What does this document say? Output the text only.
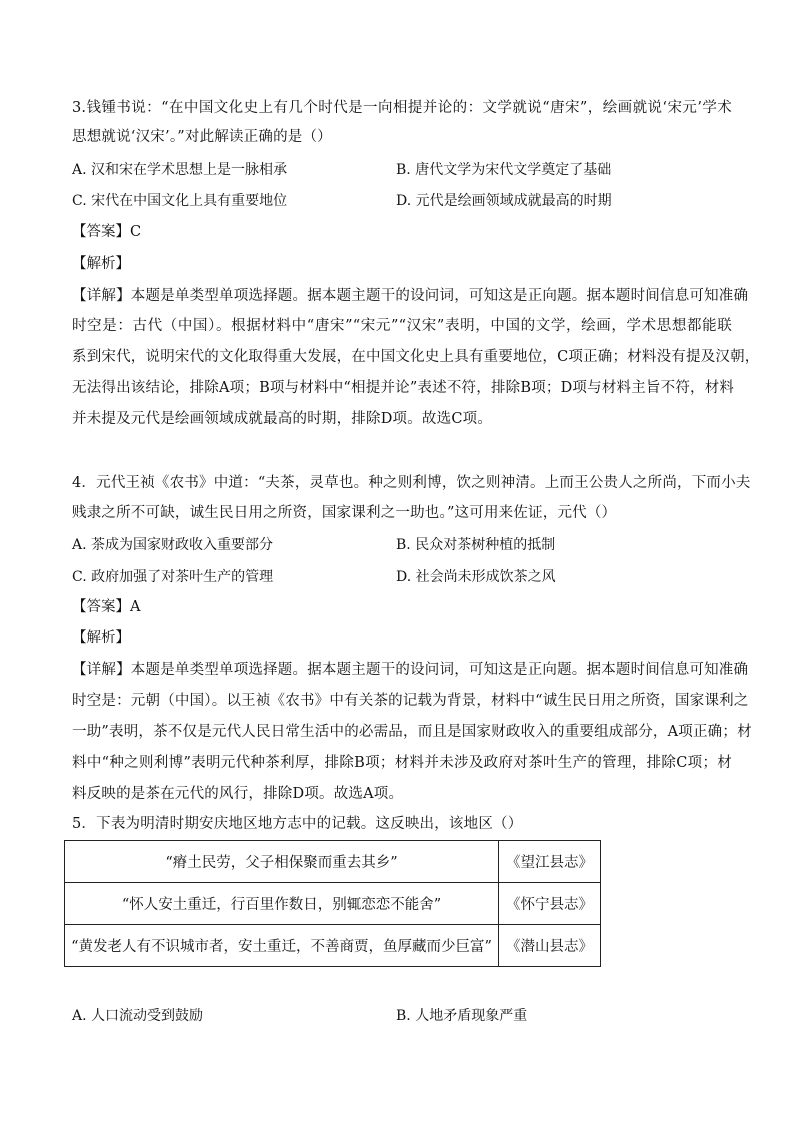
3.钱锺书说：“在中国文化史上有几个时代是一向相提并论的：文学就说“唐宋”，绘画就说‘宋元’学术
思想就说‘汉宋’。”对此解读正确的是（）
A. 汉和宋在学术思想上是一脉相承	B. 唐代文学为宋代文学奠定了基础
C. 宋代在中国文化上具有重要地位	D. 元代是绘画领域成就最高的时期
【答案】C
【解析】
【详解】本题是单类型单项选择题。据本题主题干的设问词，可知这是正向题。据本题时间信息可知准确
时空是：古代（中国）。根据材料中“唐宋”“宋元”“汉宋”表明，中国的文学，绘画，学术思想都能联
系到宋代，说明宋代的文化取得重大发展，在中国文化史上具有重要地位，C项正确；材料没有提及汉朝，
无法得出该结论，排除A项；B项与材料中“相提并论”表述不符，排除B项；D项与材料主旨不符，材料
并未提及元代是绘画领域成就最高的时期，排除D项。故选C项。
4．元代王祯《农书》中道：“夫茶，灵草也。种之则利博，饮之则神清。上而王公贵人之所尚，下而小夫
贱隶之所不可缺，诚生民日用之所资，国家课利之一助也。”这可用来佐证，元代（）
A. 茶成为国家财政收入重要部分	B. 民众对茶树种植的抵制
C. 政府加强了对茶叶生产的管理	D. 社会尚未形成饮茶之风
【答案】A
【解析】
【详解】本题是单类型单项选择题。据本题主题干的设问词，可知这是正向题。据本题时间信息可知准确
时空是：元朝（中国）。以王祯《农书》中有关茶的记载为背景，材料中“诚生民日用之所资，国家课利之
一助”表明，茶不仅是元代人民日常生活中的必需品，而且是国家财政收入的重要组成部分，A项正确；材
料中“种之则利博”表明元代种茶利厚，排除B项；材料并未涉及政府对茶叶生产的管理，排除C项；材
料反映的是茶在元代的风行，排除D项。故选A项。
5．下表为明清时期安庆地区地方志中的记载。这反映出，该地区（）
“瘠土民劳，父子相保聚而重去其乡”	《望江县志》
“怀人安土重迁，行百里作数日，别辄恋恋不能舍”	《怀宁县志》
“黄发老人有不识城市者，安土重迁，不善商贾，鱼厚藏而少巨富”	《潜山县志》
A. 人口流动受到鼓励	B. 人地矛盾现象严重
